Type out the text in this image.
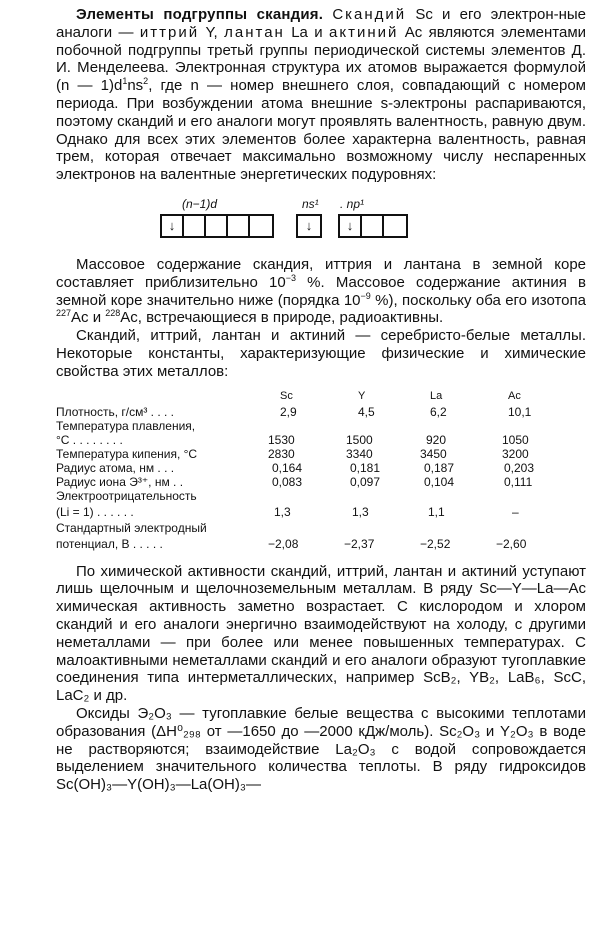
Элементы подгруппы скандия. Скандий Sc и его электрон-ные аналоги — иттрий Y, лантан La и актиний Ac являются элементами побочной подгруппы третьй группы периодической системы элементов Д. И. Менделеева. Электронная структура их атомов выражается формулой (n — $1)d^1ns^2$, где n — номер внешнего слоя, совпадающий с номером периода. При возбуждении атома внешние s-электроны распариваются, поэтому скандий и его аналоги могут проявлять валентность, равную двум. Однако для всех этих элементов более характерна валентность, равная трем, которая отвечает максимально возможному числу неспаренных электронов на валентные энергетических подуровнях:

(n−1)d	ns¹ . np¹
↓	↓	↓

Массовое содержание скандия, иттрия и лантана в земной коре составляет приблизительно $10^{-3}$ %. Массовое содержание актиния в земной коре значительно ниже (порядка $10^{-9}$ %), поскольку оба его изотопа $^{227}$Ac и $^{228}$Ac, встречающиеся в природе, радиоактивны.

Скандий, иттрий, лантан и актиний — серебристо-белые металлы. Некоторые константы, характеризующие физические и химические свойства этих металлов:

Sc	Y	La	Ac
Плотность, г/см³ . . . .	2,9	4,5	6,2	10,1
Температура плавления,
°С . . . . . . . .	1530	1500	920	1050
Температура кипения, °С	2830	3340	3450	3200
Радиус атома, нм . . .	0,164	0,181	0,187	0,203
Радиус иона Э³⁺, нм . .	0,083	0,097	0,104	0,111
Электроотрицательность
(Li = 1) . . . . . .	1,3	1,3	1,1	–
Стандартный электродный
потенциал, В . . . . .	−2,08	−2,37	−2,52	−2,60

По химической активности скандий, иттрий, лантан и актиний уступают лишь щелочным и щелочноземельным металлам. В ряду Sc—Y—La—Ac химическая активность заметно возрастает. С кислородом и хлором скандий и его аналоги энергично взаимодействуют на холоду, с другими неметаллами — при более или менее повышенных температурах. С малоактивными неметаллами скандий и его аналоги образуют тугоплавкие соединения типа интерметаллических, например ScB₂, YB₂, LaB₆, ScC, LaC₂ и др.

Оксиды Э₂O₃ — тугоплавкие белые вещества с высокими теплотами образования (ΔH⁰₂₉₈ от —1650 до —2000 кДж/моль). Sc₂O₃ и Y₂O₃ в воде не растворяются; взаимодействие La₂O₃ с водой сопровождается выделением значительного количества теплоты. В ряду гидроксидов Sc(OH)₃—Y(OH)₃—La(OH)₃—
